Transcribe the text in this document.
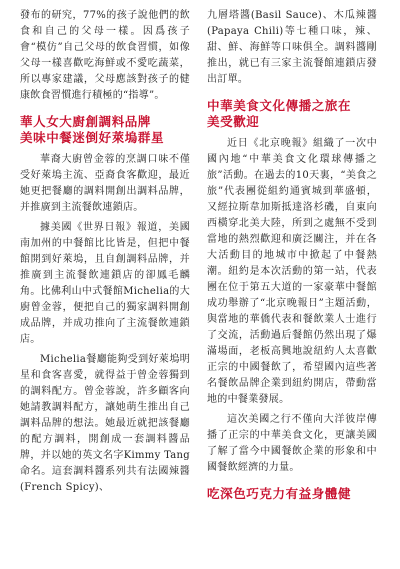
發布的研究，77%的孩子說他們的飲食和自己的父母一樣。因爲孩子會“模仿”自己父母的飲食習慣，如像父母一樣喜歡吃海鮮或不愛吃蔬菜，所以專家建議，父母應該對孩子的健康飲食習慣進行積極的“指導”。

華人女大廚創調料品牌
美味中餐迷倒好萊塢群星

華裔大廚曾金蓉的烹調口味不僅受好萊塢主流、亞裔食客歡迎，最近她更把餐廳的調料開創出調料品牌，并推廣到主流餐飲連鎖店。

據美國《世界日報》報道，美國南加州的中餐館比比皆是，但把中餐館開到好萊塢，且自創調料品牌，并推廣到主流餐飲連鎖店的卻鳳毛麟角。比佛利山中式餐館Michelia的大廚曾金蓉，便把自己的獨家調料開創成品牌，并成功推向了主流餐飲連鎖店。

Michelia餐廳能夠受到好萊塢明星和食客喜愛，就得益于曾金蓉獨到的調料配方。曾金蓉說，許多顧客向她請教調料配方，讓她萌生推出自己調料品牌的想法。她最近就把該餐廳的配方調料，開創成一套調料醬品牌，并以她的英文名字Kimmy Tang命名。這套調料醬系列共有法國辣醬(French Spicy)、

九層塔醬(Basil Sauce)、木瓜辣醬(Papaya Chili)等七種口味，辣、甜、鮮、海鮮等口味俱全。調料醬剛推出，就已有三家主流餐館連鎖店發出訂單。

中華美食文化傳播之旅在
美受歡迎

近日《北京晚報》組織了一次中國內地“中華美食文化環球傳播之旅”活動。在過去的10天裏，“美食之旅”代表團從組約通賓城到華盛頓，又經拉斯韋加斯抵達洛杉磯，自東向西橫穿北美大陸，所到之處無不受到當地的熱烈歡迎和廣泛關注，并在各大活動目的地城市中掀起了中餐熱潮。紐約是本次活動的第一站，代表團在位于第五大道的一家豪華中餐館成功舉辦了“北京晚報日”主題活動，與當地的華僑代表和餐飲業人士進行了交流，活動過后餐館仍然出現了爆滿場面，老板高興地說紐約人太喜歡正宗的中國餐飲了，希望國內這些著名餐飲品牌企業到紐約開店，帶動當地的中餐業發展。

這次美國之行不僅向大洋彼岸傳播了正宗的中華美食文化，更讓美國了解了當今中國餐飲企業的形象和中國餐飲經濟的力量。

吃深色巧克力有益身體健
